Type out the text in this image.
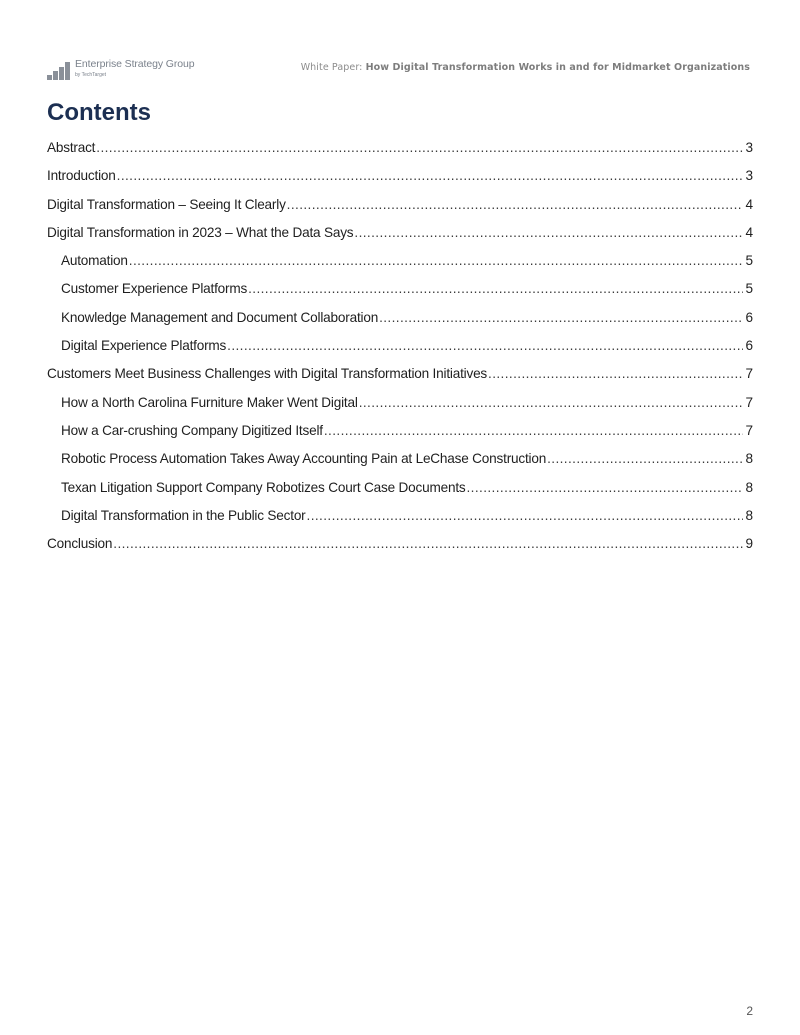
Enterprise Strategy Group
by TechTarget
White Paper: How Digital Transformation Works in and for Midmarket Organizations
Contents
Abstract .....	3
Introduction .....	3
Digital Transformation – Seeing It Clearly .....	4
Digital Transformation in 2023 – What the Data Says .....	4
Automation .....	5
Customer Experience Platforms .....	5
Knowledge Management and Document Collaboration .....	6
Digital Experience Platforms .....	6
Customers Meet Business Challenges with Digital Transformation Initiatives .....	7
How a North Carolina Furniture Maker Went Digital .....	7
How a Car-crushing Company Digitized Itself .....	7
Robotic Process Automation Takes Away Accounting Pain at LeChase Construction .....	8
Texan Litigation Support Company Robotizes Court Case Documents .....	8
Digital Transformation in the Public Sector .....	8
Conclusion .....	9
2
